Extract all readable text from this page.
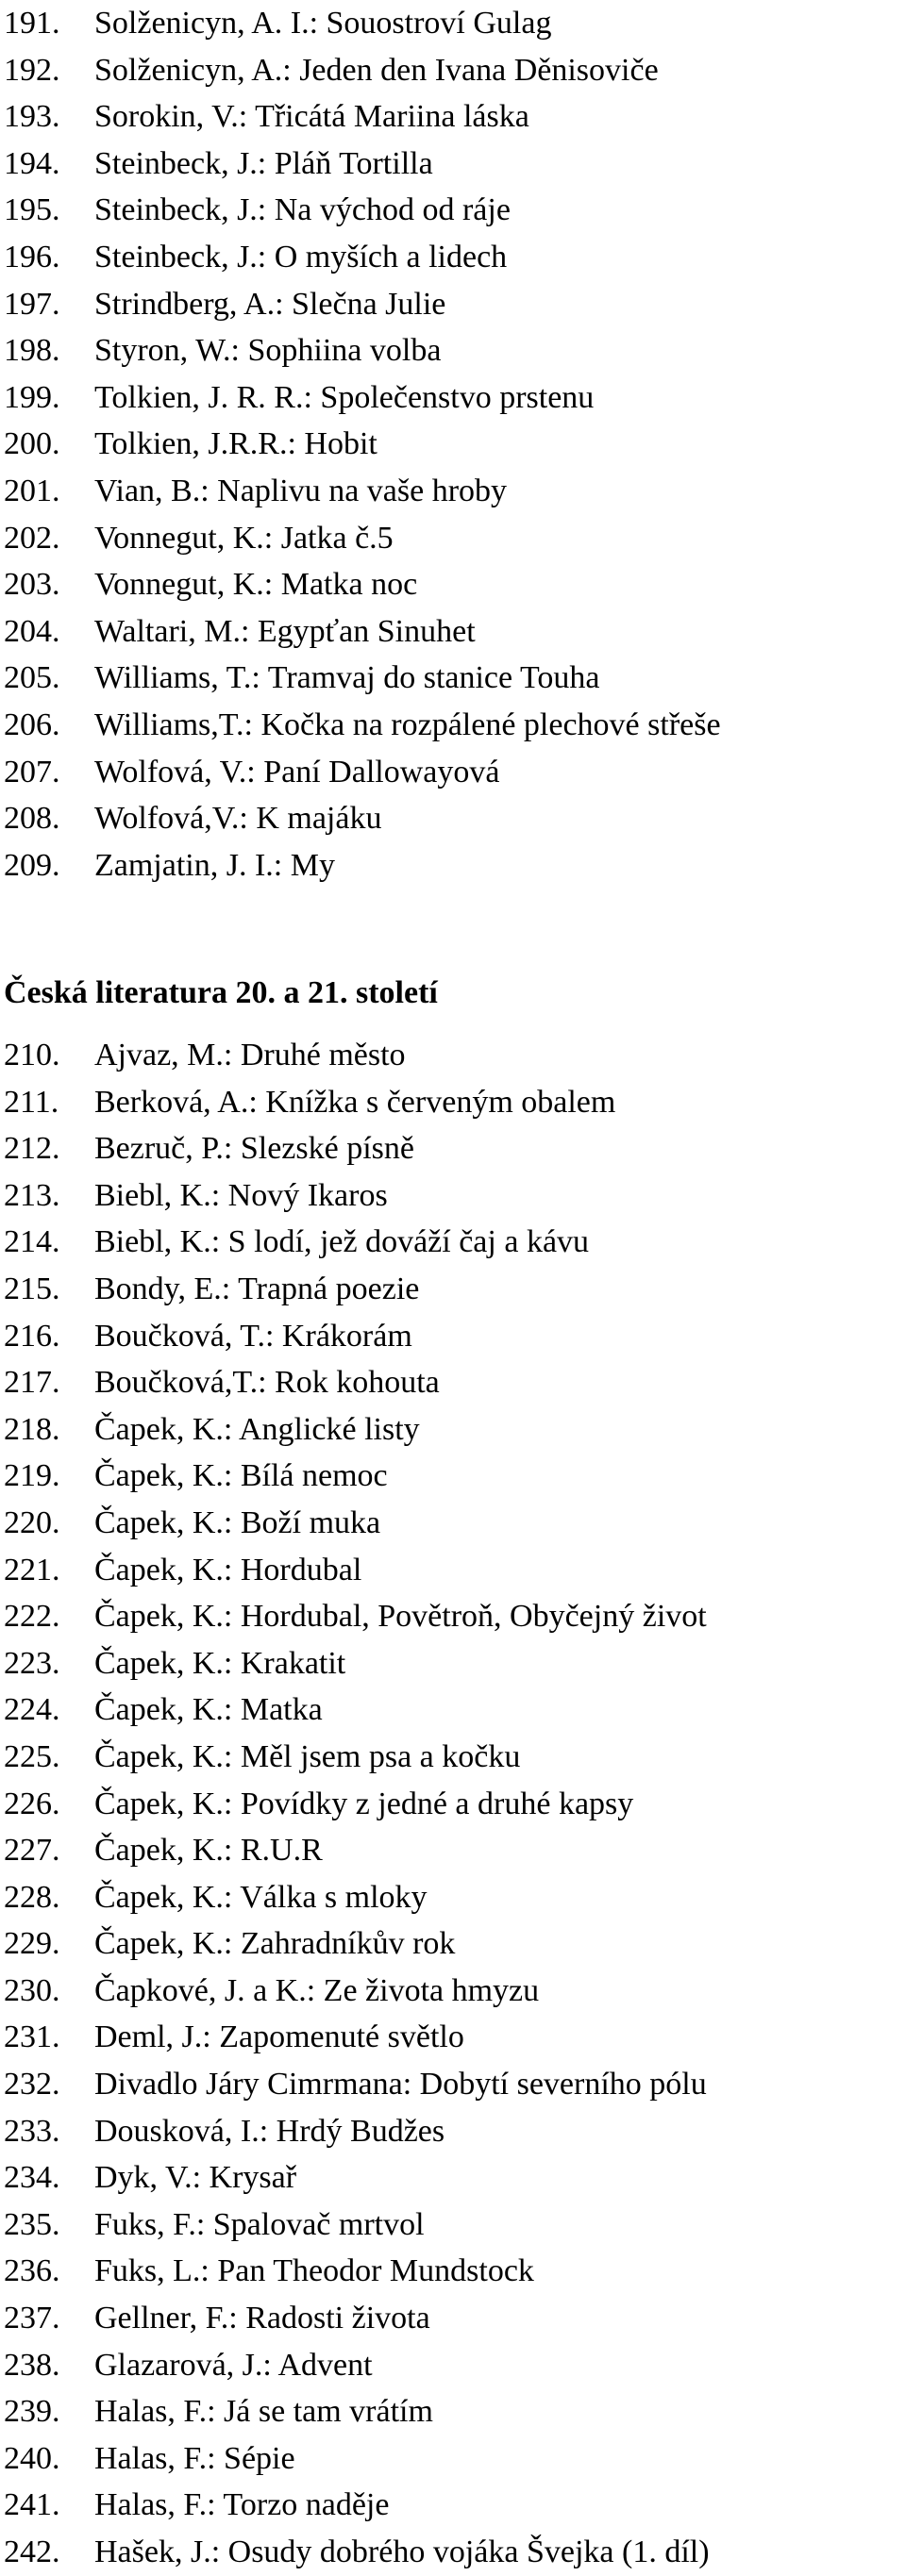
191.	Solženicyn, A. I.: Souostroví Gulag
192.	Solženicyn, A.: Jeden den Ivana Děnisoviče
193.	Sorokin, V.: Třicátá Mariina láska
194.	Steinbeck, J.: Pláň Tortilla
195.	Steinbeck, J.: Na východ od ráje
196.	Steinbeck, J.: O myších a lidech
197.	Strindberg, A.: Slečna Julie
198.	Styron, W.: Sophiina volba
199.	Tolkien, J. R. R.: Společenstvo prstenu
200.	Tolkien, J.R.R.: Hobit
201.	Vian, B.: Naplivu na vaše hroby
202.	Vonnegut, K.: Jatka č.5
203.	Vonnegut, K.: Matka noc
204.	Waltari, M.: Egypťan Sinuhet
205.	Williams, T.: Tramvaj do stanice Touha
206.	Williams,T.: Kočka na rozpálené plechové střeše
207.	Wolfová, V.: Paní Dallowayová
208.	Wolfová,V.: K majáku
209.	Zamjatin, J. I.: My
Česká literatura 20. a 21. století
210.	Ajvaz, M.: Druhé město
211.	Berková, A.: Knížka s červeným obalem
212.	Bezruč, P.: Slezské písně
213.	Biebl, K.: Nový Ikaros
214.	Biebl, K.: S lodí, jež dováží čaj a kávu
215.	Bondy, E.: Trapná poezie
216.	Boučková, T.: Krákorám
217.	Boučková,T.: Rok kohouta
218.	Čapek, K.: Anglické listy
219.	Čapek, K.: Bílá nemoc
220.	Čapek, K.: Boží muka
221.	Čapek, K.: Hordubal
222.	Čapek, K.: Hordubal, Povětroň, Obyčejný život
223.	Čapek, K.: Krakatit
224.	Čapek, K.: Matka
225.	Čapek, K.: Měl jsem psa a kočku
226.	Čapek, K.: Povídky z jedné a druhé kapsy
227.	Čapek, K.: R.U.R
228.	Čapek, K.: Válka s mloky
229.	Čapek, K.: Zahradníkův rok
230.	Čapkové, J. a K.: Ze života hmyzu
231.	Deml, J.: Zapomenuté světlo
232.	Divadlo Járy Cimrmana: Dobytí severního pólu
233.	Dousková, I.: Hrdý Budžes
234.	Dyk, V.: Krysař
235.	Fuks, F.: Spalovač mrtvol
236.	Fuks, L.: Pan Theodor Mundstock
237.	Gellner, F.: Radosti života
238.	Glazarová, J.: Advent
239.	Halas, F.: Já se tam vrátím
240.	Halas, F.: Sépie
241.	Halas, F.: Torzo naděje
242.	Hašek, J.: Osudy dobrého vojáka Švejka (1. díl)
